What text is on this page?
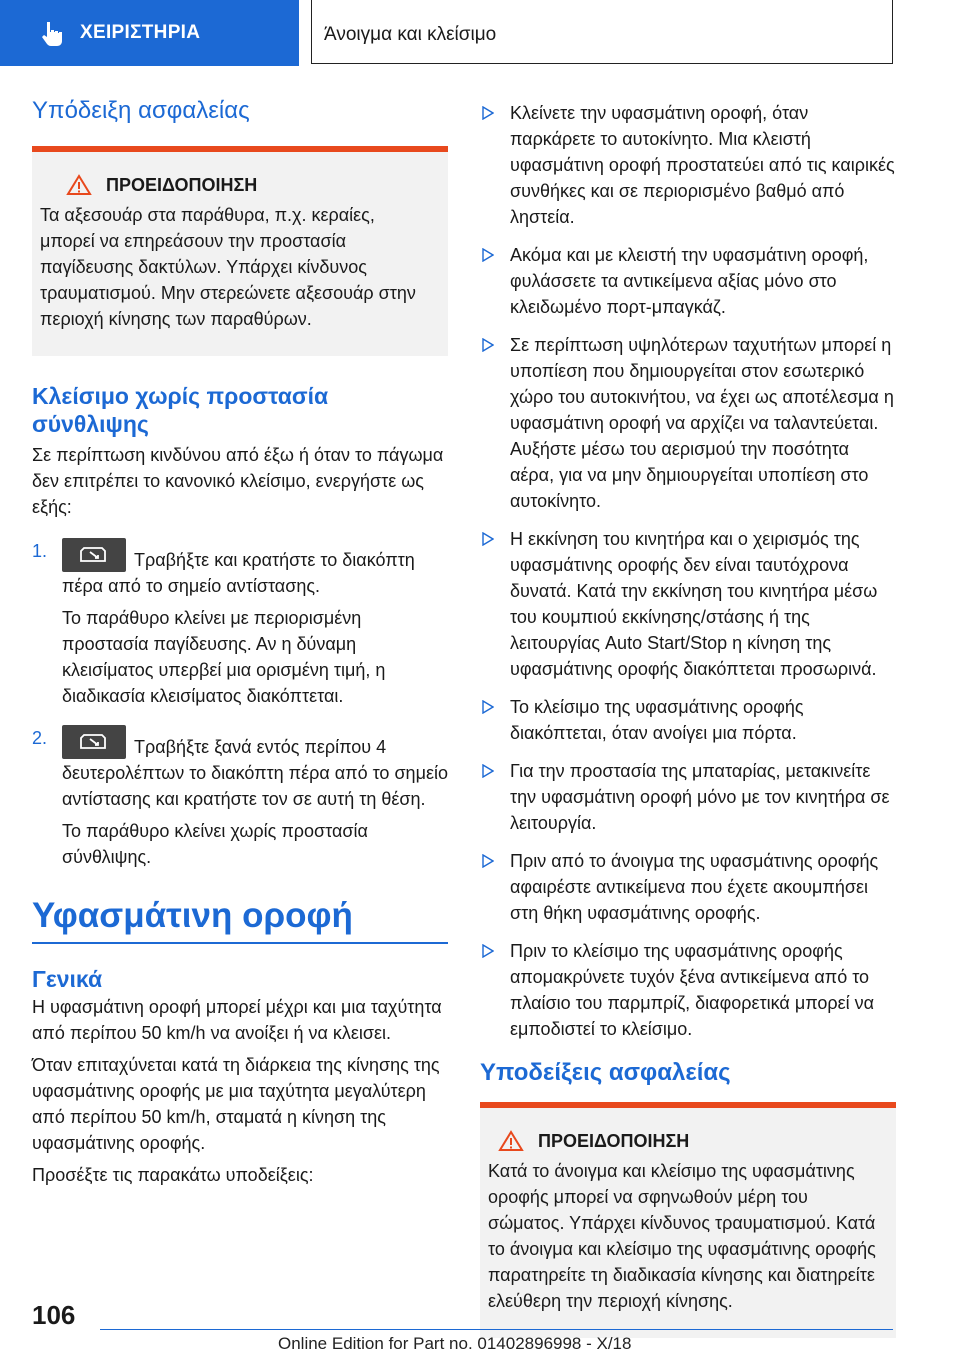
ΧΕΙΡΙΣΤΗΡΙΑ	Άνοιγμα και κλείσιμο
Υπόδειξη ασφαλείας
ΠΡΟΕΙΔΟΠΟΙΗΣΗ

Τα αξεσουάρ στα παράθυρα, π.χ. κεραίες, μπορεί να επηρεάσουν την προστασία παγίδευσης δακτύλων. Υπάρχει κίνδυνος τραυματισμού. Μην στερεώνετε αξεσουάρ στην περιοχή κίνησης των παραθύρων.

Κλείσιμο χωρίς προστασία σύνθλιψης

Σε περίπτωση κινδύνου από έξω ή όταν το πάγωμα δεν επιτρέπει το κανονικό κλείσιμο, ενεργήστε ως εξής:

1.	Τραβήξτε και κρατήστε το διακόπτη πέρα από το σημείο αντίστασης.

Το παράθυρο κλείνει με περιορισμένη προστασία παγίδευσης. Αν η δύναμη κλεισίματος υπερβεί μια ορισμένη τιμή, η διαδικασία κλεισίματος διακόπτεται.

2.	Τραβήξτε ξανά εντός περίπου 4 δευτερολέπτων το διακόπτη πέρα από το σημείο αντίστασης και κρατήστε τον σε αυτή τη θέση.

Το παράθυρο κλείνει χωρίς προστασία σύνθλιψης.

Υφασμάτινη οροφή
Γενικά

Η υφασμάτινη οροφή μπορεί μέχρι και μια ταχύτητα από περίπου 50 km/h να ανοίξει ή να κλεισει.

Όταν επιταχύνεται κατά τη διάρκεια της κίνησης της υφασμάτινης οροφής με μια ταχύτητα μεγαλύτερη από περίπου 50 km/h, σταματά η κίνηση της υφασμάτινης οροφής.

Προσέξτε τις παρακάτω υποδείξεις:

Κλείνετε την υφασμάτινη οροφή, όταν παρκάρετε το αυτοκίνητο. Μια κλειστή υφασμάτινη οροφή προστατεύει από τις καιρικές συνθήκες και σε περιορισμένο βαθμό από ληστεία.
Ακόμα και με κλειστή την υφασμάτινη οροφή, φυλάσσετε τα αντικείμενα αξίας μόνο στο κλειδωμένο πορτ-μπαγκάζ.
Σε περίπτωση υψηλότερων ταχυτήτων μπορεί η υποπίεση που δημιουργείται στον εσωτερικό χώρο του αυτοκινήτου, να έχει ως αποτέλεσμα η υφασμάτινη οροφή να αρχίζει να ταλαντεύεται. Αυξήστε μέσω του αερισμού την ποσότητα αέρα, για να μην δημιουργείται υποπίεση στο αυτοκίνητο.
Η εκκίνηση του κινητήρα και ο χειρισμός της υφασμάτινης οροφής δεν είναι ταυτόχρονα δυνατά. Κατά την εκκίνηση του κινητήρα μέσω του κουμπιού εκκίνησης/στάσης ή της λειτουργίας Auto Start/Stop η κίνηση της υφασμάτινης οροφής διακόπτεται προσωρινά.
Το κλείσιμο της υφασμάτινης οροφής διακόπτεται, όταν ανοίγει μια πόρτα.
Για την προστασία της μπαταρίας, μετακινείτε την υφασμάτινη οροφή μόνο με τον κινητήρα σε λειτουργία.
Πριν από το άνοιγμα της υφασμάτινης οροφής αφαιρέστε αντικείμενα που έχετε ακουμπήσει στη θήκη υφασμάτινης οροφής.
Πριν το κλείσιμο της υφασμάτινης οροφής απομακρύνετε τυχόν ξένα αντικείμενα από το πλαίσιο του παρμπρίζ, διαφορετικά μπορεί να εμποδιστεί το κλείσιμο.
Υποδείξεις ασφαλείας
ΠΡΟΕΙΔΟΠΟΙΗΣΗ

Κατά το άνοιγμα και κλείσιμο της υφασμάτινης οροφής μπορεί να σφηνωθούν μέρη του σώματος. Υπάρχει κίνδυνος τραυματισμού. Κατά το άνοιγμα και κλείσιμο της υφασμάτινης οροφής παρατηρείτε τη διαδικασία κίνησης και διατηρείτε ελεύθερη την περιοχή κίνησης.

106
Online Edition for Part no. 01402896998 - X/18
